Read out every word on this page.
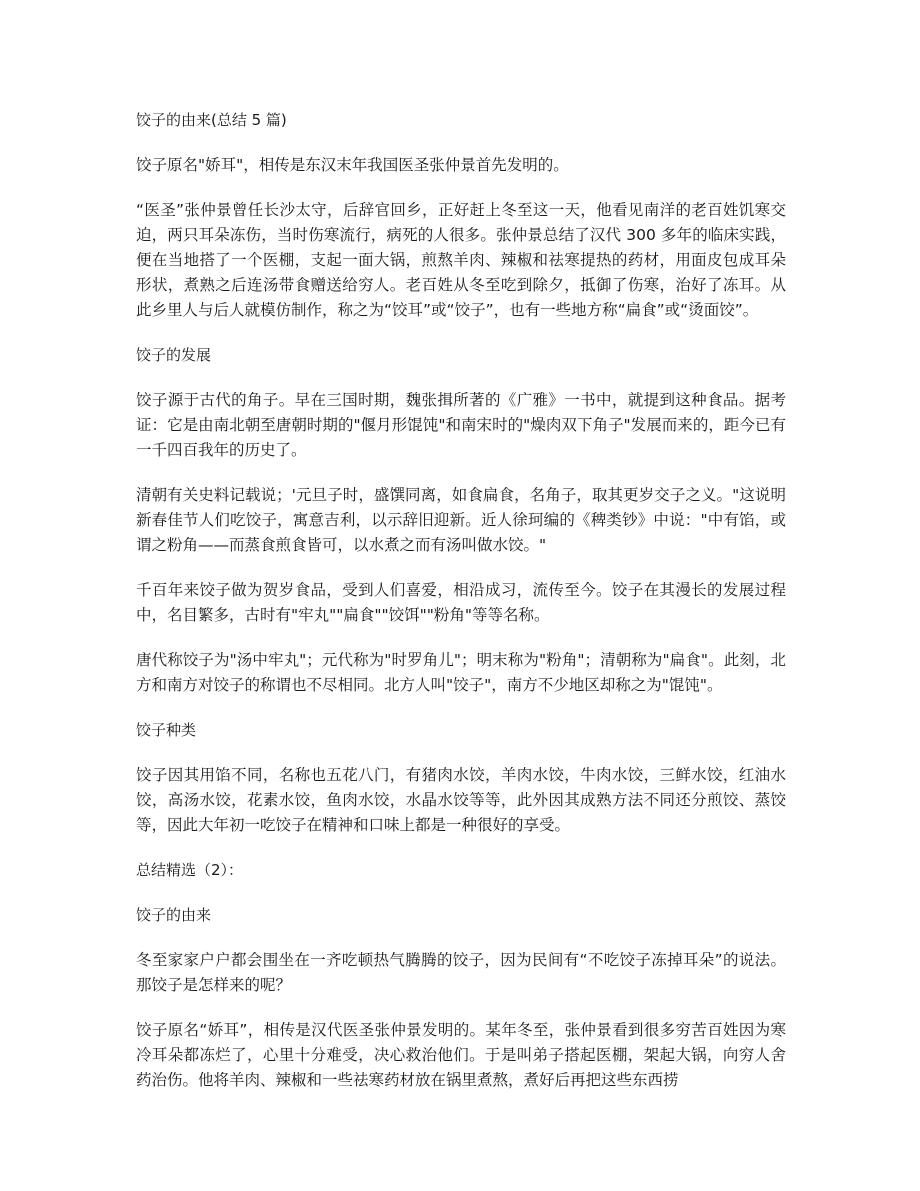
饺子的由来(总结 5 篇)

饺子原名"娇耳"，相传是东汉末年我国医圣张仲景首先发明的。

“医圣”张仲景曾任长沙太守，后辞官回乡，正好赶上冬至这一天，他看见南洋的老百姓饥寒交迫，两只耳朵冻伤，当时伤寒流行，病死的人很多。张仲景总结了汉代 300 多年的临床实践，便在当地搭了一个医棚，支起一面大锅，煎熬羊肉、辣椒和祛寒提热的药材，用面皮包成耳朵形状，煮熟之后连汤带食赠送给穷人。老百姓从冬至吃到除夕，抵御了伤寒，治好了冻耳。从此乡里人与后人就模仿制作，称之为“饺耳”或“饺子”，也有一些地方称“扁食”或“烫面饺”。

饺子的发展

饺子源于古代的角子。早在三国时期，魏张揖所著的《广雅》一书中，就提到这种食品。据考证：它是由南北朝至唐朝时期的"偃月形馄饨"和南宋时的"燥肉双下角子"发展而来的，距今已有一千四百我年的历史了。

清朝有关史料记载说；'元旦子时，盛馔同离，如食扁食，名角子，取其更岁交子之义。"这说明新春佳节人们吃饺子，寓意吉利，以示辞旧迎新。近人徐珂编的《稗类钞》中说："中有馅，或谓之粉角——而蒸食煎食皆可，以水煮之而有汤叫做水饺。"

千百年来饺子做为贺岁食品，受到人们喜爱，相沿成习，流传至今。饺子在其漫长的发展过程中，名目繁多，古时有"牢丸""扁食""饺饵""粉角"等等名称。

唐代称饺子为"汤中牢丸"；元代称为"时罗角儿"；明末称为"粉角"；清朝称为"扁食"。此刻，北方和南方对饺子的称谓也不尽相同。北方人叫"饺子"，南方不少地区却称之为"馄饨"。

饺子种类

饺子因其用馅不同，名称也五花八门，有猪肉水饺，羊肉水饺，牛肉水饺，三鲜水饺，红油水饺，高汤水饺，花素水饺，鱼肉水饺，水晶水饺等等，此外因其成熟方法不同还分煎饺、蒸饺等，因此大年初一吃饺子在精神和口味上都是一种很好的享受。

总结精选（2）：

饺子的由来

冬至家家户户都会围坐在一齐吃顿热气腾腾的饺子，因为民间有“不吃饺子冻掉耳朵”的说法。那饺子是怎样来的呢？

饺子原名“娇耳”，相传是汉代医圣张仲景发明的。某年冬至，张仲景看到很多穷苦百姓因为寒冷耳朵都冻烂了，心里十分难受，决心救治他们。于是叫弟子搭起医棚，架起大锅，向穷人舍药治伤。他将羊肉、辣椒和一些祛寒药材放在锅里煮熬，煮好后再把这些东西捞
